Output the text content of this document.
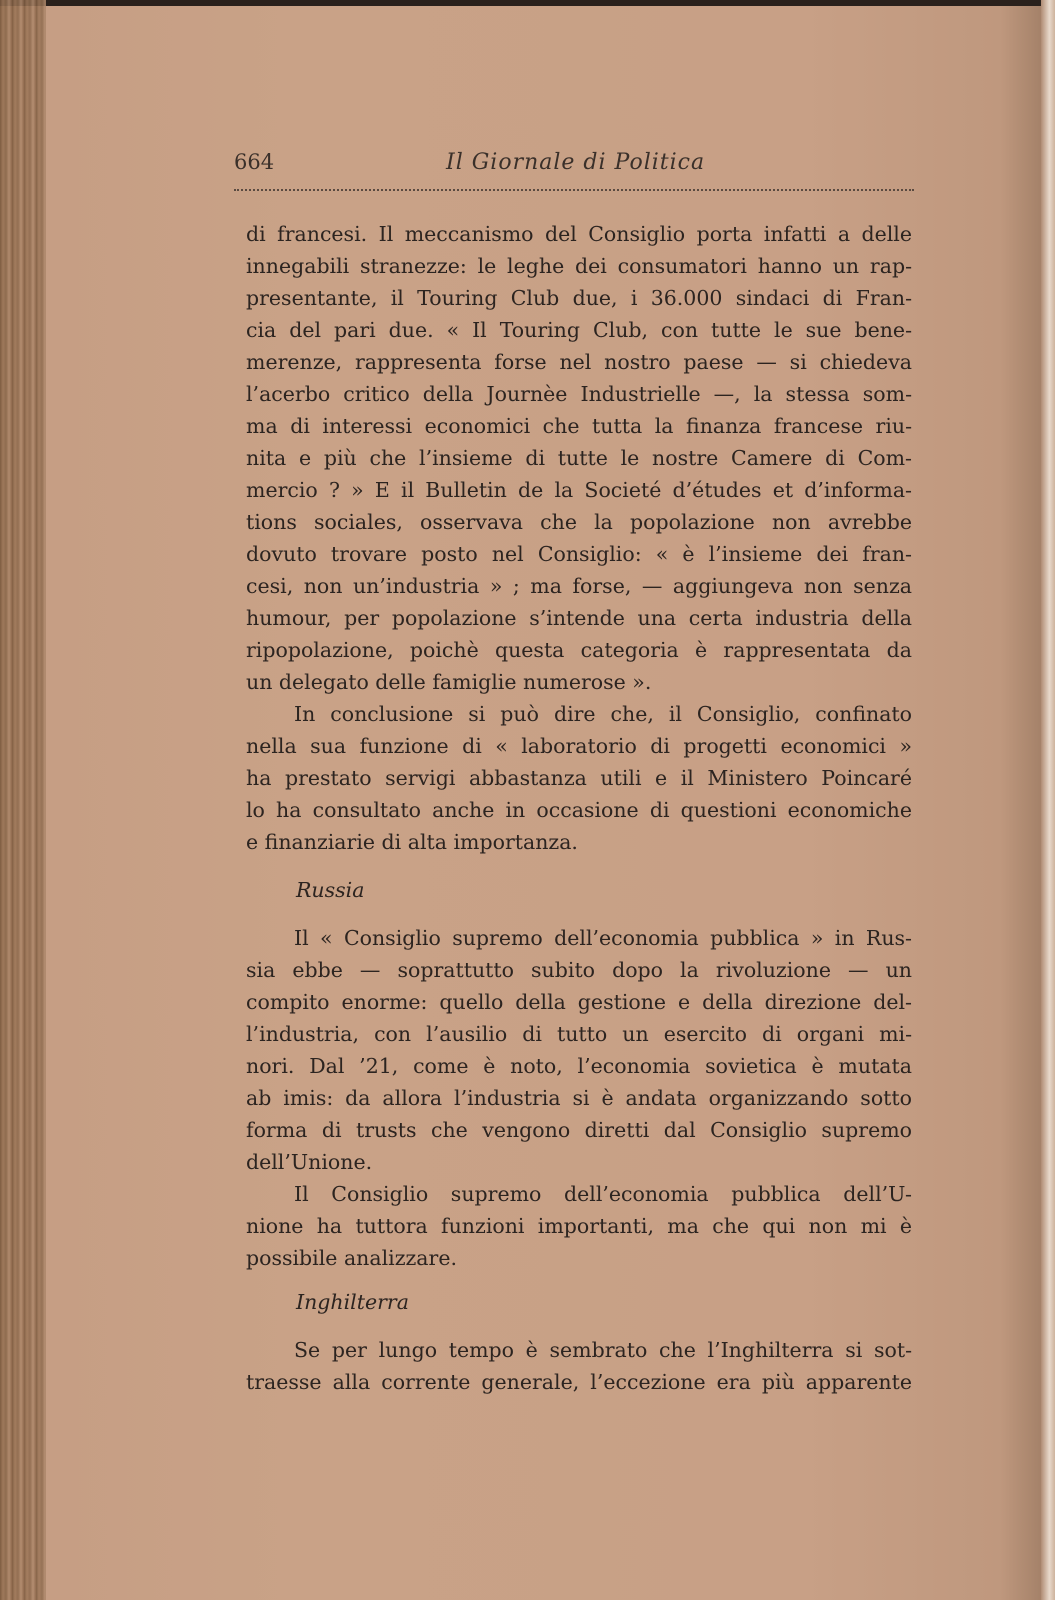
664	Il Giornale di Politica
di francesi. Il meccanismo del Consiglio porta infatti a delle
innegabili stranezze: le leghe dei consumatori hanno un rap-
presentante, il Touring Club due, i 36.000 sindaci di Fran-
cia del pari due. « Il Touring Club, con tutte le sue bene-
merenze, rappresenta forse nel nostro paese — si chiedeva
l’acerbo critico della Journèe Industrielle —, la stessa som-
ma di interessi economici che tutta la finanza francese riu-
nita e più che l’insieme di tutte le nostre Camere di Com-
mercio ? » E il Bulletin de la Societé d’études et d’informa-
tions sociales, osservava che la popolazione non avrebbe
dovuto trovare posto nel Consiglio: « è l’insieme dei fran-
cesi, non un’industria » ; ma forse, — aggiungeva non senza
humour, per popolazione s’intende una certa industria della
ripopolazione, poichè questa categoria è rappresentata da
un delegato delle famiglie numerose ».
In conclusione si può dire che, il Consiglio, confinato
nella sua funzione di « laboratorio di progetti economici »
ha prestato servigi abbastanza utili e il Ministero Poincaré
lo ha consultato anche in occasione di questioni economiche
e finanziarie di alta importanza.
Russia
Il « Consiglio supremo dell’economia pubblica » in Rus-
sia ebbe — soprattutto subito dopo la rivoluzione — un
compito enorme: quello della gestione e della direzione del-
l’industria, con l’ausilio di tutto un esercito di organi mi-
nori. Dal ’21, come è noto, l’economia sovietica è mutata
ab imis: da allora l’industria si è andata organizzando sotto
forma di trusts che vengono diretti dal Consiglio supremo
dell’Unione.
Il Consiglio supremo dell’economia pubblica dell’U-
nione ha tuttora funzioni importanti, ma che qui non mi è
possibile analizzare.
Inghilterra
Se per lungo tempo è sembrato che l’Inghilterra si sot-
traesse alla corrente generale, l’eccezione era più apparente
